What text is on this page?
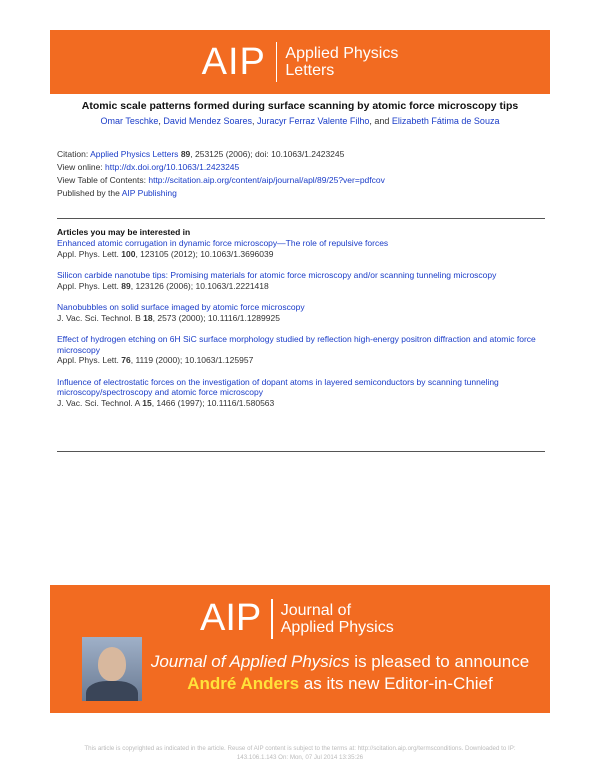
AIP Applied Physics
Letters
Atomic scale patterns formed during surface scanning by atomic force microscopy tips
Omar Teschke, David Mendez Soares, Juracyr Ferraz Valente Filho, and Elizabeth Fátima de Souza
Citation: Applied Physics Letters 89, 253125 (2006); doi: 10.1063/1.2423245
View online: http://dx.doi.org/10.1063/1.2423245
View Table of Contents: http://scitation.aip.org/content/aip/journal/apl/89/25?ver=pdfcov
Published by the AIP Publishing
Articles you may be interested in
Enhanced atomic corrugation in dynamic force microscopy—The role of repulsive forces
Appl. Phys. Lett. 100, 123105 (2012); 10.1063/1.3696039
Silicon carbide nanotube tips: Promising materials for atomic force microscopy and/or scanning tunneling microscopy
Appl. Phys. Lett. 89, 123126 (2006); 10.1063/1.2221418
Nanobubbles on solid surface imaged by atomic force microscopy
J. Vac. Sci. Technol. B 18, 2573 (2000); 10.1116/1.1289925
Effect of hydrogen etching on 6H SiC surface morphology studied by reflection high-energy positron diffraction and atomic force microscopy
Appl. Phys. Lett. 76, 1119 (2000); 10.1063/1.125957
Influence of electrostatic forces on the investigation of dopant atoms in layered semiconductors by scanning tunneling microscopy/spectroscopy and atomic force microscopy
J. Vac. Sci. Technol. A 15, 1466 (1997); 10.1116/1.580563
AIP Journal of
Applied Physics
Journal of Applied Physics is pleased to announce André Anders as its new Editor-in-Chief
This article is copyrighted as indicated in the article. Reuse of AIP content is subject to the terms at: http://scitation.aip.org/termsconditions. Downloaded to IP:
143.106.1.143 On: Mon, 07 Jul 2014 13:35:26
